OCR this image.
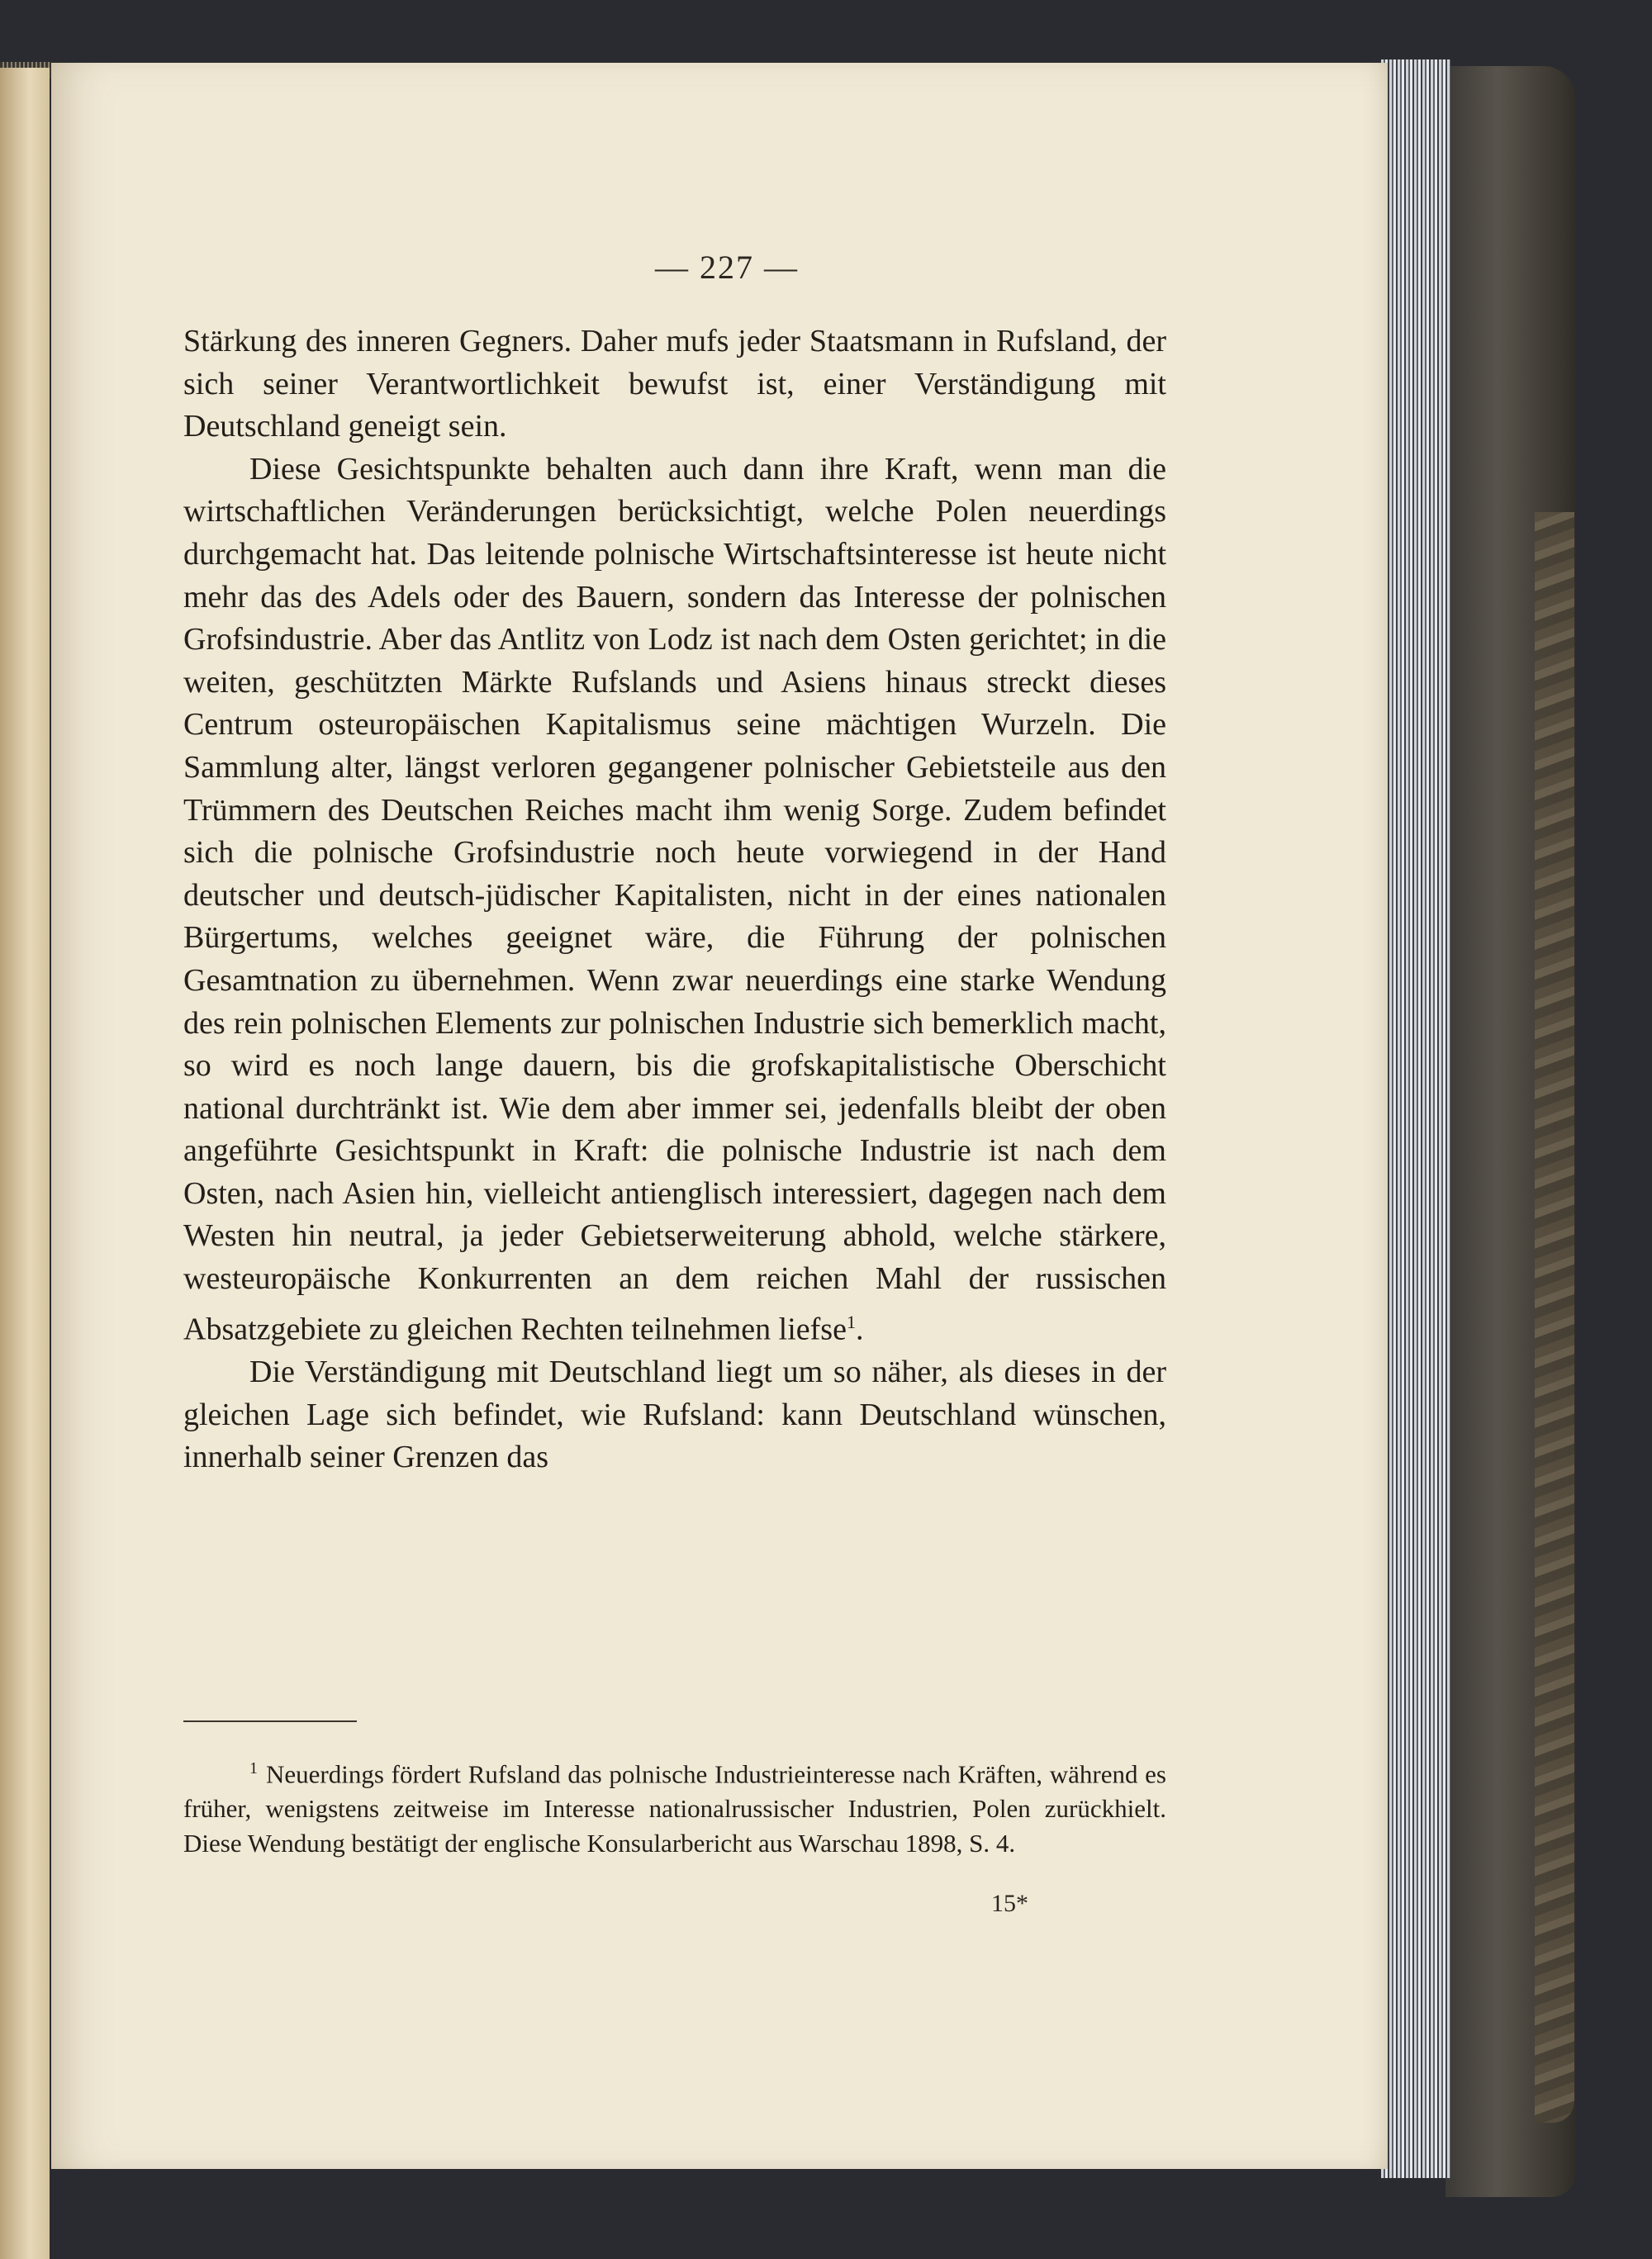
— 227 —

Stärkung des inneren Gegners. Daher mufs jeder Staatsmann in Rufsland, der sich seiner Verantwortlichkeit bewufst ist, einer Verständigung mit Deutschland geneigt sein.

Diese Gesichtspunkte behalten auch dann ihre Kraft, wenn man die wirtschaftlichen Veränderungen berücksichtigt, welche Polen neuerdings durchgemacht hat. Das leitende polnische Wirtschaftsinteresse ist heute nicht mehr das des Adels oder des Bauern, sondern das Interesse der polnischen Grofsindustrie. Aber das Antlitz von Lodz ist nach dem Osten gerichtet; in die weiten, geschützten Märkte Rufslands und Asiens hinaus streckt dieses Centrum osteuropäischen Kapitalismus seine mächtigen Wurzeln. Die Sammlung alter, längst verloren gegangener polnischer Gebietsteile aus den Trümmern des Deutschen Reiches macht ihm wenig Sorge. Zudem befindet sich die polnische Grofsindustrie noch heute vorwiegend in der Hand deutscher und deutsch-jüdischer Kapitalisten, nicht in der eines nationalen Bürgertums, welches geeignet wäre, die Führung der polnischen Gesamtnation zu übernehmen. Wenn zwar neuerdings eine starke Wendung des rein polnischen Elements zur polnischen Industrie sich bemerklich macht, so wird es noch lange dauern, bis die grofskapitalistische Oberschicht national durchtränkt ist. Wie dem aber immer sei, jedenfalls bleibt der oben angeführte Gesichtspunkt in Kraft: die polnische Industrie ist nach dem Osten, nach Asien hin, vielleicht antienglisch interessiert, dagegen nach dem Westen hin neutral, ja jeder Gebietserweiterung abhold, welche stärkere, westeuropäische Konkurrenten an dem reichen Mahl der russischen Absatzgebiete zu gleichen Rechten teilnehmen liefse$^1$.

Die Verständigung mit Deutschland liegt um so näher, als dieses in der gleichen Lage sich befindet, wie Rufsland: kann Deutschland wünschen, innerhalb seiner Grenzen das

$^1$ Neuerdings fördert Rufsland das polnische Industrieinteresse nach Kräften, während es früher, wenigstens zeitweise im Interesse nationalrussischer Industrien, Polen zurückhielt. Diese Wendung bestätigt der englische Konsularbericht aus Warschau 1898, S. 4.
15*
